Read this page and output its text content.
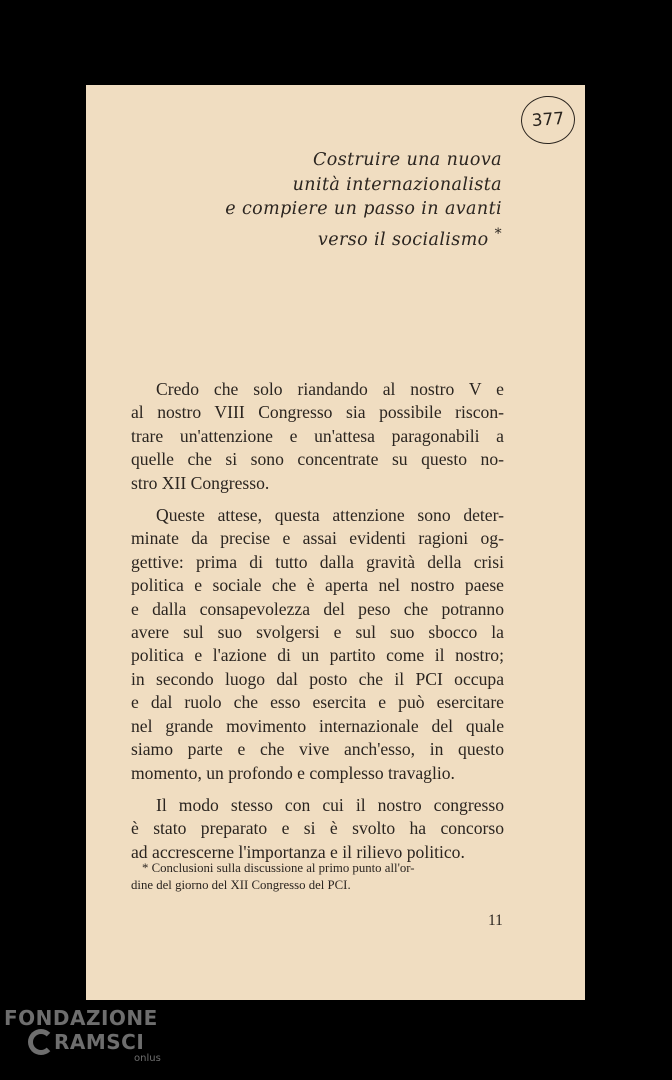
377
Costruire una nuova
unità internazionalista
e compiere un passo in avanti
verso il socialismo *
Credo che solo riandando al nostro V e
al nostro VIII Congresso sia possibile riscon-
trare un'attenzione e un'attesa paragonabili a
quelle che si sono concentrate su questo no-
stro XII Congresso.
Queste attese, questa attenzione sono deter-
minate da precise e assai evidenti ragioni og-
gettive: prima di tutto dalla gravità della crisi
politica e sociale che è aperta nel nostro paese
e dalla consapevolezza del peso che potranno
avere sul suo svolgersi e sul suo sbocco la
politica e l'azione di un partito come il nostro;
in secondo luogo dal posto che il PCI occupa
e dal ruolo che esso esercita e può esercitare
nel grande movimento internazionale del quale
siamo parte e che vive anch'esso, in questo
momento, un profondo e complesso travaglio.
Il modo stesso con cui il nostro congresso
è stato preparato e si è svolto ha concorso
ad accrescerne l'importanza e il rilievo politico.
* Conclusioni sulla discussione al primo punto all'or-
dine del giorno del XII Congresso del PCI.
11
FONDAZIONE
RAMSCI
onlus
